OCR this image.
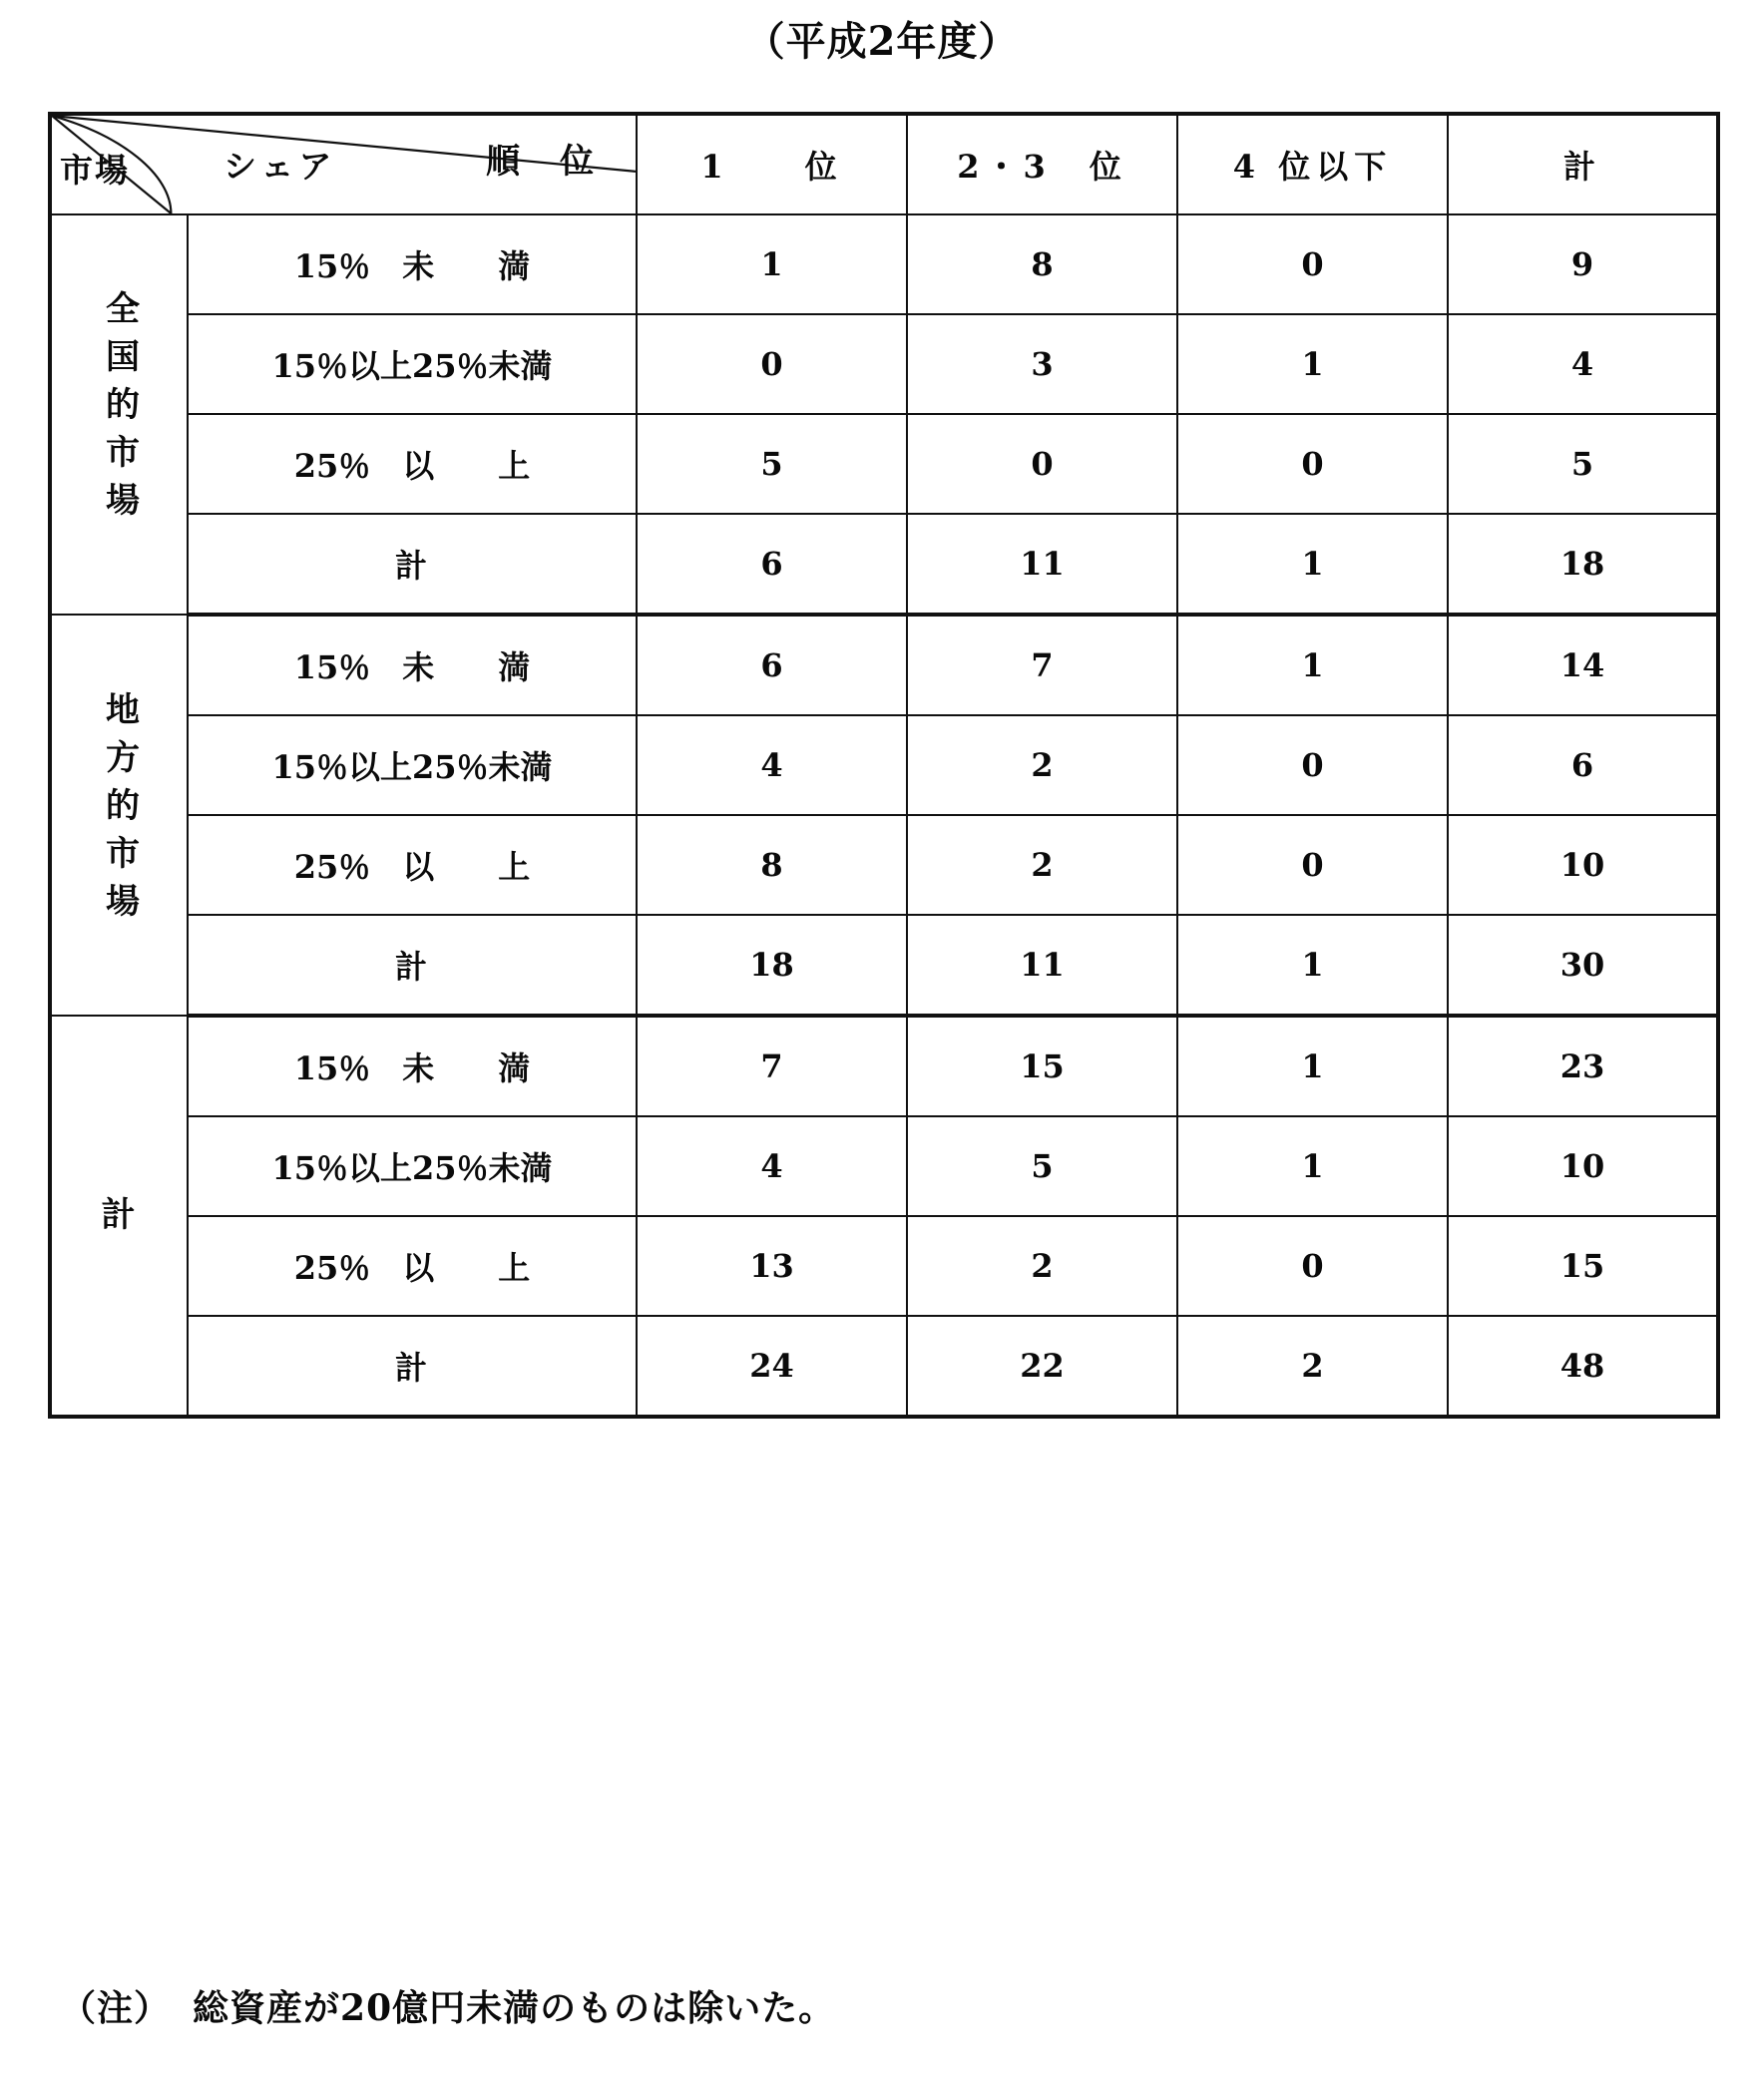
（平成2年度）
順 位
シェア
市場		1　　位	2・3　位	4 位以下	計
全国的市場	15％　未　　満	1	8	0	9
	15％以上25％未満	0	3	1	4
	25％　以　　上	5	0	0	5
	計	6	11	1	18
地方的市場	15％　未　　満	6	7	1	14
	15％以上25％未満	4	2	0	6
	25％　以　　上	8	2	0	10
	計	18	11	1	30
計	15％　未　　満	7	15	1	23
	15％以上25％未満	4	5	1	10
	25％　以　　上	13	2	0	15
	計	24	22	2	48
（注） 総資産が20億円未満のものは除いた。
